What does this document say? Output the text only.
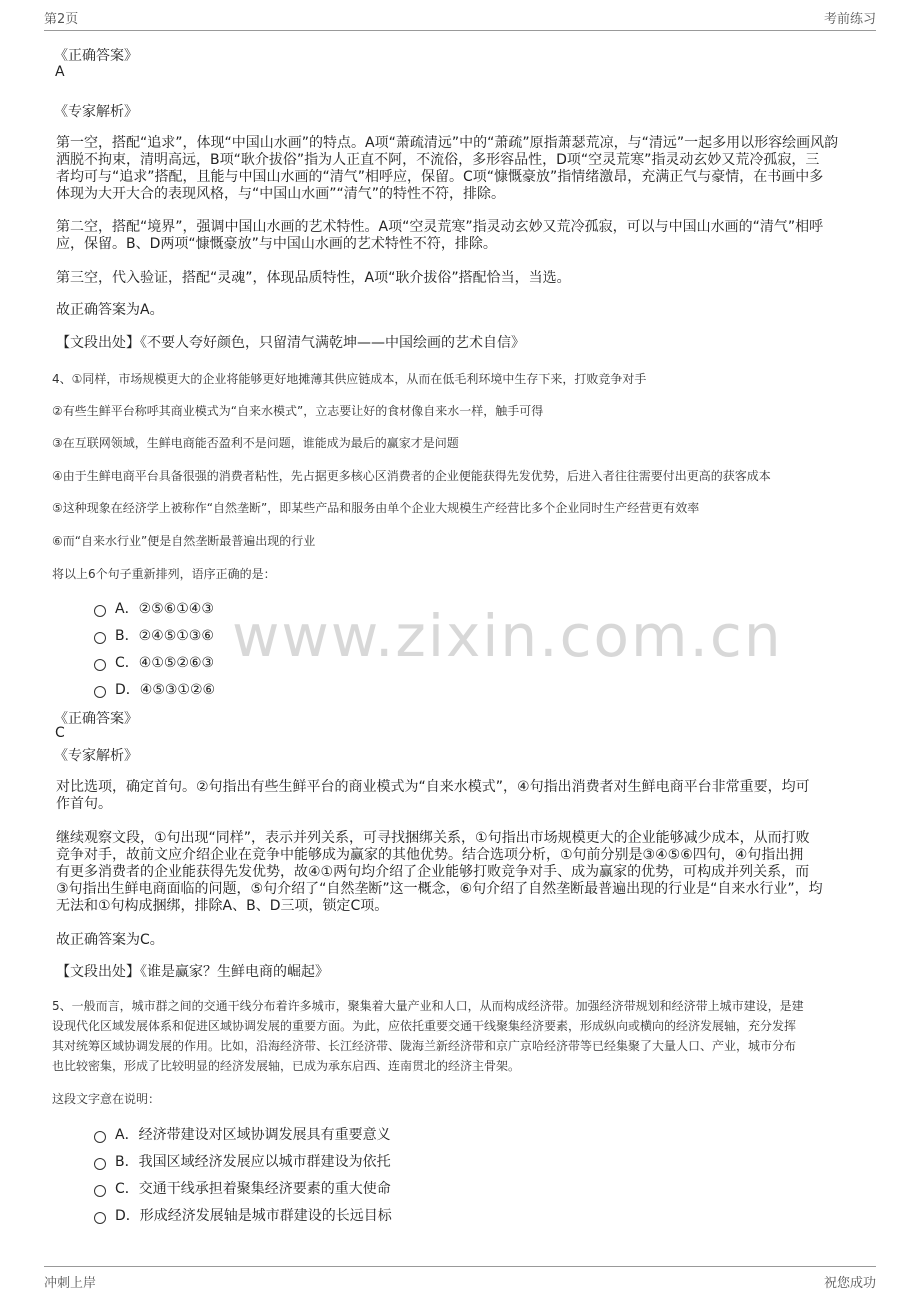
第2页	考前练习
www.zixin.com.cn
《正确答案》
A
《专家解析》
第一空，搭配“追求”，体现“中国山水画”的特点。A项“萧疏清远”中的“萧疏”原指萧瑟荒凉，与“清远”一起多用以形容绘画风韵
洒脱不拘束，清明高远，B项“耿介拔俗”指为人正直不阿，不流俗，多形容品性，D项“空灵荒寒”指灵动玄妙又荒冷孤寂，三
者均可与“追求”搭配，且能与中国山水画的“清气”相呼应，保留。C项“慷慨豪放”指情绪激昂，充满正气与豪情，在书画中多
体现为大开大合的表现风格，与“中国山水画”“清气”的特性不符，排除。
第二空，搭配“境界”，强调中国山水画的艺术特性。A项“空灵荒寒”指灵动玄妙又荒冷孤寂，可以与中国山水画的“清气”相呼
应，保留。B、D两项“慷慨豪放”与中国山水画的艺术特性不符，排除。
第三空，代入验证，搭配“灵魂”，体现品质特性，A项“耿介拔俗”搭配恰当，当选。
故正确答案为A。
【文段出处】《不要人夸好颜色，只留清气满乾坤——中国绘画的艺术自信》
4、①同样，市场规模更大的企业将能够更好地摊薄其供应链成本，从而在低毛利环境中生存下来，打败竞争对手
②有些生鲜平台称呼其商业模式为“自来水模式”，立志要让好的食材像自来水一样，触手可得
③在互联网领域，生鲜电商能否盈利不是问题，谁能成为最后的赢家才是问题
④由于生鲜电商平台具备很强的消费者粘性，先占据更多核心区消费者的企业便能获得先发优势，后进入者往往需要付出更高的获客成本
⑤这种现象在经济学上被称作“自然垄断”，即某些产品和服务由单个企业大规模生产经营比多个企业同时生产经营更有效率
⑥而“自来水行业”便是自然垄断最普遍出现的行业
将以上6个句子重新排列，语序正确的是：
A．②⑤⑥①④③
B．②④⑤①③⑥
C．④①⑤②⑥③
D．④⑤③①②⑥
《正确答案》
C
《专家解析》
对比选项，确定首句。②句指出有些生鲜平台的商业模式为“自来水模式”，④句指出消费者对生鲜电商平台非常重要，均可
作首句。
继续观察文段，①句出现“同样”，表示并列关系，可寻找捆绑关系，①句指出市场规模更大的企业能够减少成本，从而打败
竞争对手，故前文应介绍企业在竞争中能够成为赢家的其他优势。结合选项分析，①句前分别是③④⑤⑥四句，④句指出拥
有更多消费者的企业能获得先发优势，故④①两句均介绍了企业能够打败竞争对手、成为赢家的优势，可构成并列关系，而
③句指出生鲜电商面临的问题，⑤句介绍了“自然垄断”这一概念，⑥句介绍了自然垄断最普遍出现的行业是“自来水行业”，均
无法和①句构成捆绑，排除A、B、D三项，锁定C项。
故正确答案为C。
【文段出处】《谁是赢家？生鲜电商的崛起》
5、一般而言，城市群之间的交通干线分布着许多城市，聚集着大量产业和人口，从而构成经济带。加强经济带规划和经济带上城市建设，是建
设现代化区域发展体系和促进区域协调发展的重要方面。为此，应依托重要交通干线聚集经济要素，形成纵向或横向的经济发展轴，充分发挥
其对统筹区域协调发展的作用。比如，沿海经济带、长江经济带、陇海兰新经济带和京广京哈经济带等已经集聚了大量人口、产业，城市分布
也比较密集，形成了比较明显的经济发展轴，已成为承东启西、连南贯北的经济主骨架。
这段文字意在说明：
A．经济带建设对区域协调发展具有重要意义
B．我国区域经济发展应以城市群建设为依托
C．交通干线承担着聚集经济要素的重大使命
D．形成经济发展轴是城市群建设的长远目标
冲刺上岸	祝您成功
